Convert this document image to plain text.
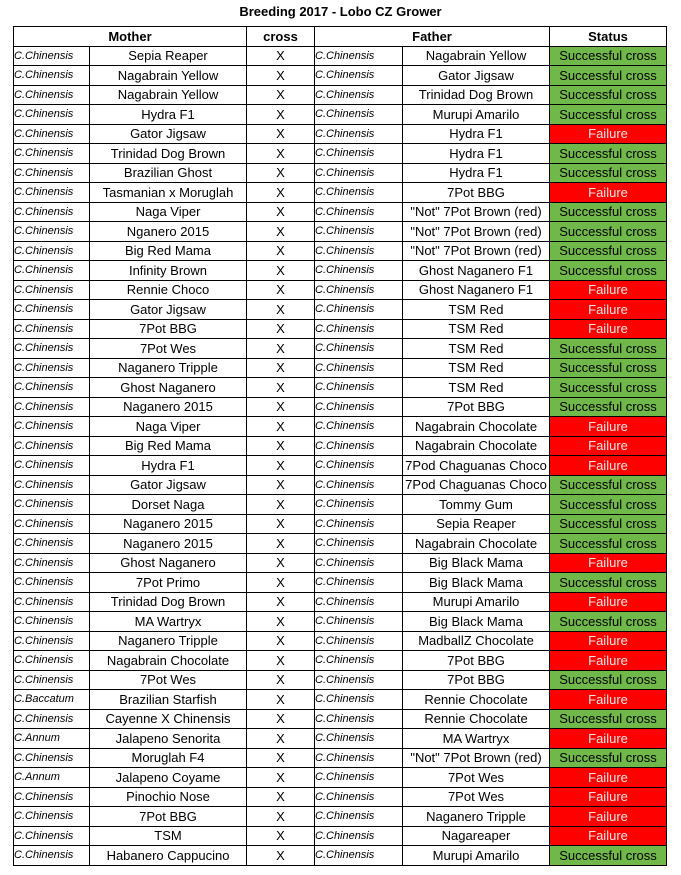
Breeding 2017 - Lobo CZ Grower
Mother		cross	Father		Status
C.Chinensis	Sepia Reaper	X	C.Chinensis	Nagabrain Yellow	Successful cross
C.Chinensis	Nagabrain Yellow	X	C.Chinensis	Gator Jigsaw	Successful cross
C.Chinensis	Nagabrain Yellow	X	C.Chinensis	Trinidad Dog Brown	Successful cross
C.Chinensis	Hydra F1	X	C.Chinensis	Murupi Amarilo	Successful cross
C.Chinensis	Gator Jigsaw	X	C.Chinensis	Hydra F1	Failure
C.Chinensis	Trinidad Dog Brown	X	C.Chinensis	Hydra F1	Successful cross
C.Chinensis	Brazilian Ghost	X	C.Chinensis	Hydra F1	Successful cross
C.Chinensis	Tasmanian x Moruglah	X	C.Chinensis	7Pot BBG	Failure
C.Chinensis	Naga Viper	X	C.Chinensis	"Not" 7Pot Brown (red)	Successful cross
C.Chinensis	Nganero 2015	X	C.Chinensis	"Not" 7Pot Brown (red)	Successful cross
C.Chinensis	Big Red Mama	X	C.Chinensis	"Not" 7Pot Brown (red)	Successful cross
C.Chinensis	Infinity Brown	X	C.Chinensis	Ghost Naganero F1	Successful cross
C.Chinensis	Rennie Choco	X	C.Chinensis	Ghost Naganero F1	Failure
C.Chinensis	Gator Jigsaw	X	C.Chinensis	TSM Red	Failure
C.Chinensis	7Pot BBG	X	C.Chinensis	TSM Red	Failure
C.Chinensis	7Pot Wes	X	C.Chinensis	TSM Red	Successful cross
C.Chinensis	Naganero Tripple	X	C.Chinensis	TSM Red	Successful cross
C.Chinensis	Ghost Naganero	X	C.Chinensis	TSM Red	Successful cross
C.Chinensis	Naganero 2015	X	C.Chinensis	7Pot BBG	Successful cross
C.Chinensis	Naga Viper	X	C.Chinensis	Nagabrain Chocolate	Failure
C.Chinensis	Big Red Mama	X	C.Chinensis	Nagabrain Chocolate	Failure
C.Chinensis	Hydra F1	X	C.Chinensis	7Pod Chaguanas Choco	Failure
C.Chinensis	Gator Jigsaw	X	C.Chinensis	7Pod Chaguanas Choco	Successful cross
C.Chinensis	Dorset Naga	X	C.Chinensis	Tommy Gum	Successful cross
C.Chinensis	Naganero 2015	X	C.Chinensis	Sepia Reaper	Successful cross
C.Chinensis	Naganero 2015	X	C.Chinensis	Nagabrain Chocolate	Successful cross
C.Chinensis	Ghost Naganero	X	C.Chinensis	Big Black Mama	Failure
C.Chinensis	7Pot Primo	X	C.Chinensis	Big Black Mama	Successful cross
C.Chinensis	Trinidad Dog Brown	X	C.Chinensis	Murupi Amarilo	Failure
C.Chinensis	MA Wartryx	X	C.Chinensis	Big Black Mama	Successful cross
C.Chinensis	Naganero Tripple	X	C.Chinensis	MadballZ Chocolate	Failure
C.Chinensis	Nagabrain Chocolate	X	C.Chinensis	7Pot BBG	Failure
C.Chinensis	7Pot Wes	X	C.Chinensis	7Pot BBG	Successful cross
C.Baccatum	Brazilian Starfish	X	C.Chinensis	Rennie Chocolate	Failure
C.Chinensis	Cayenne X Chinensis	X	C.Chinensis	Rennie Chocolate	Successful cross
C.Annum	Jalapeno Senorita	X	C.Chinensis	MA Wartryx	Failure
C.Chinensis	Moruglah F4	X	C.Chinensis	"Not" 7Pot Brown (red)	Successful cross
C.Annum	Jalapeno Coyame	X	C.Chinensis	7Pot Wes	Failure
C.Chinensis	Pinochio Nose	X	C.Chinensis	7Pot Wes	Failure
C.Chinensis	7Pot BBG	X	C.Chinensis	Naganero Tripple	Failure
C.Chinensis	TSM	X	C.Chinensis	Nagareaper	Failure
C.Chinensis	Habanero Cappucino	X	C.Chinensis	Murupi Amarilo	Successful cross
